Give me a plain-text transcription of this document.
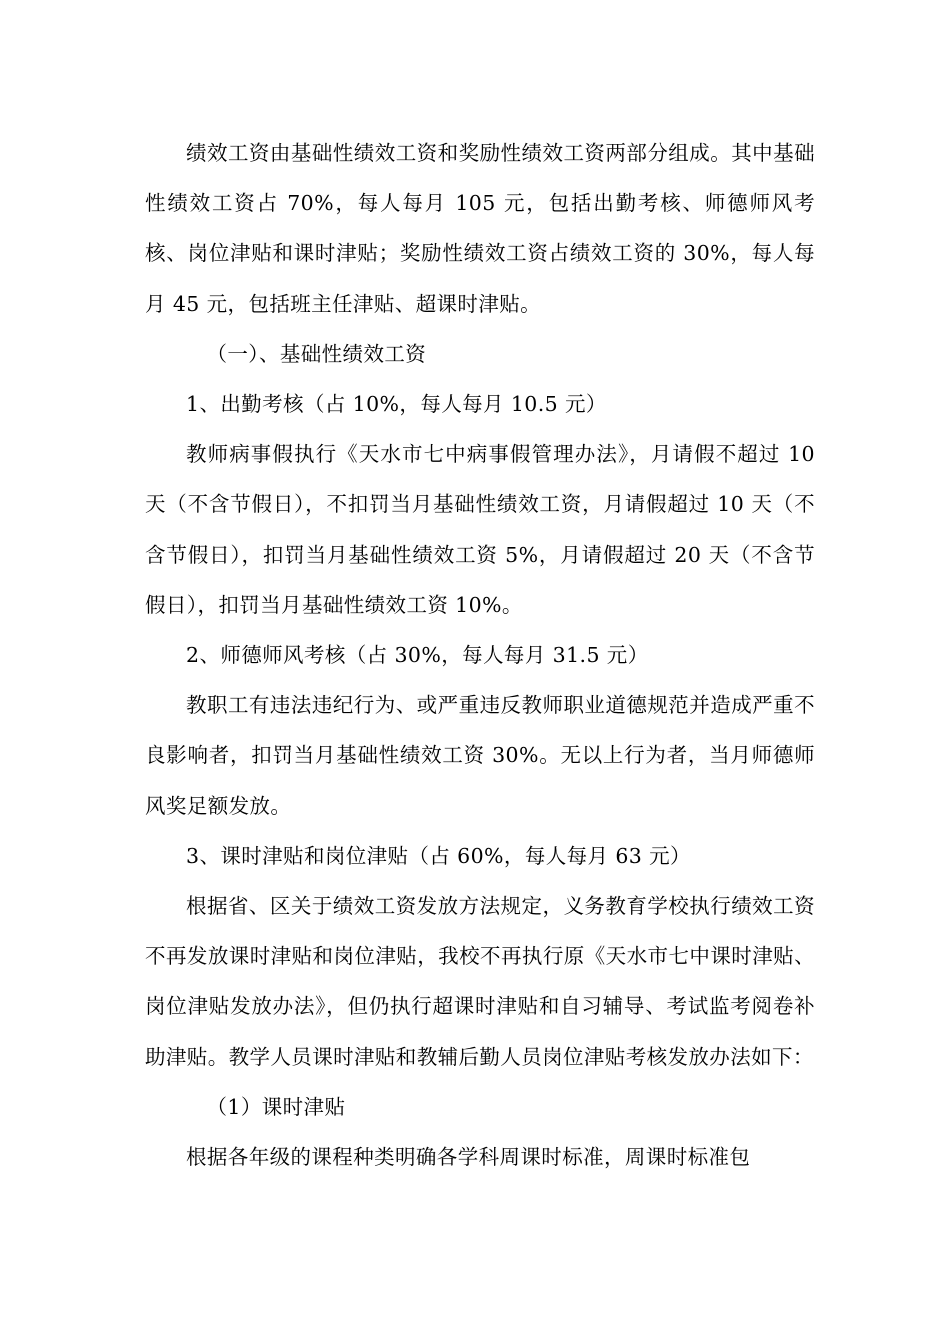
绩效工资由基础性绩效工资和奖励性绩效工资两部分组成。其中基础性绩效工资占 70%，每人每月 105 元，包括出勤考核、师德师风考核、岗位津贴和课时津贴；奖励性绩效工资占绩效工资的 30%，每人每月 45 元，包括班主任津贴、超课时津贴。

（一）、基础性绩效工资

1、出勤考核（占 10%，每人每月 10.5 元）

教师病事假执行《天水市七中病事假管理办法》，月请假不超过 10 天（不含节假日），不扣罚当月基础性绩效工资，月请假超过 10 天（不含节假日），扣罚当月基础性绩效工资 5%，月请假超过 20 天（不含节假日），扣罚当月基础性绩效工资 10%。

2、师德师风考核（占 30%，每人每月 31.5 元）

教职工有违法违纪行为、或严重违反教师职业道德规范并造成严重不良影响者，扣罚当月基础性绩效工资 30%。无以上行为者，当月师德师风奖足额发放。

3、课时津贴和岗位津贴（占 60%，每人每月 63 元）

根据省、区关于绩效工资发放方法规定，义务教育学校执行绩效工资不再发放课时津贴和岗位津贴，我校不再执行原《天水市七中课时津贴、岗位津贴发放办法》，但仍执行超课时津贴和自习辅导、考试监考阅卷补助津贴。教学人员课时津贴和教辅后勤人员岗位津贴考核发放办法如下：

（1）课时津贴

根据各年级的课程种类明确各学科周课时标准，周课时标准包
